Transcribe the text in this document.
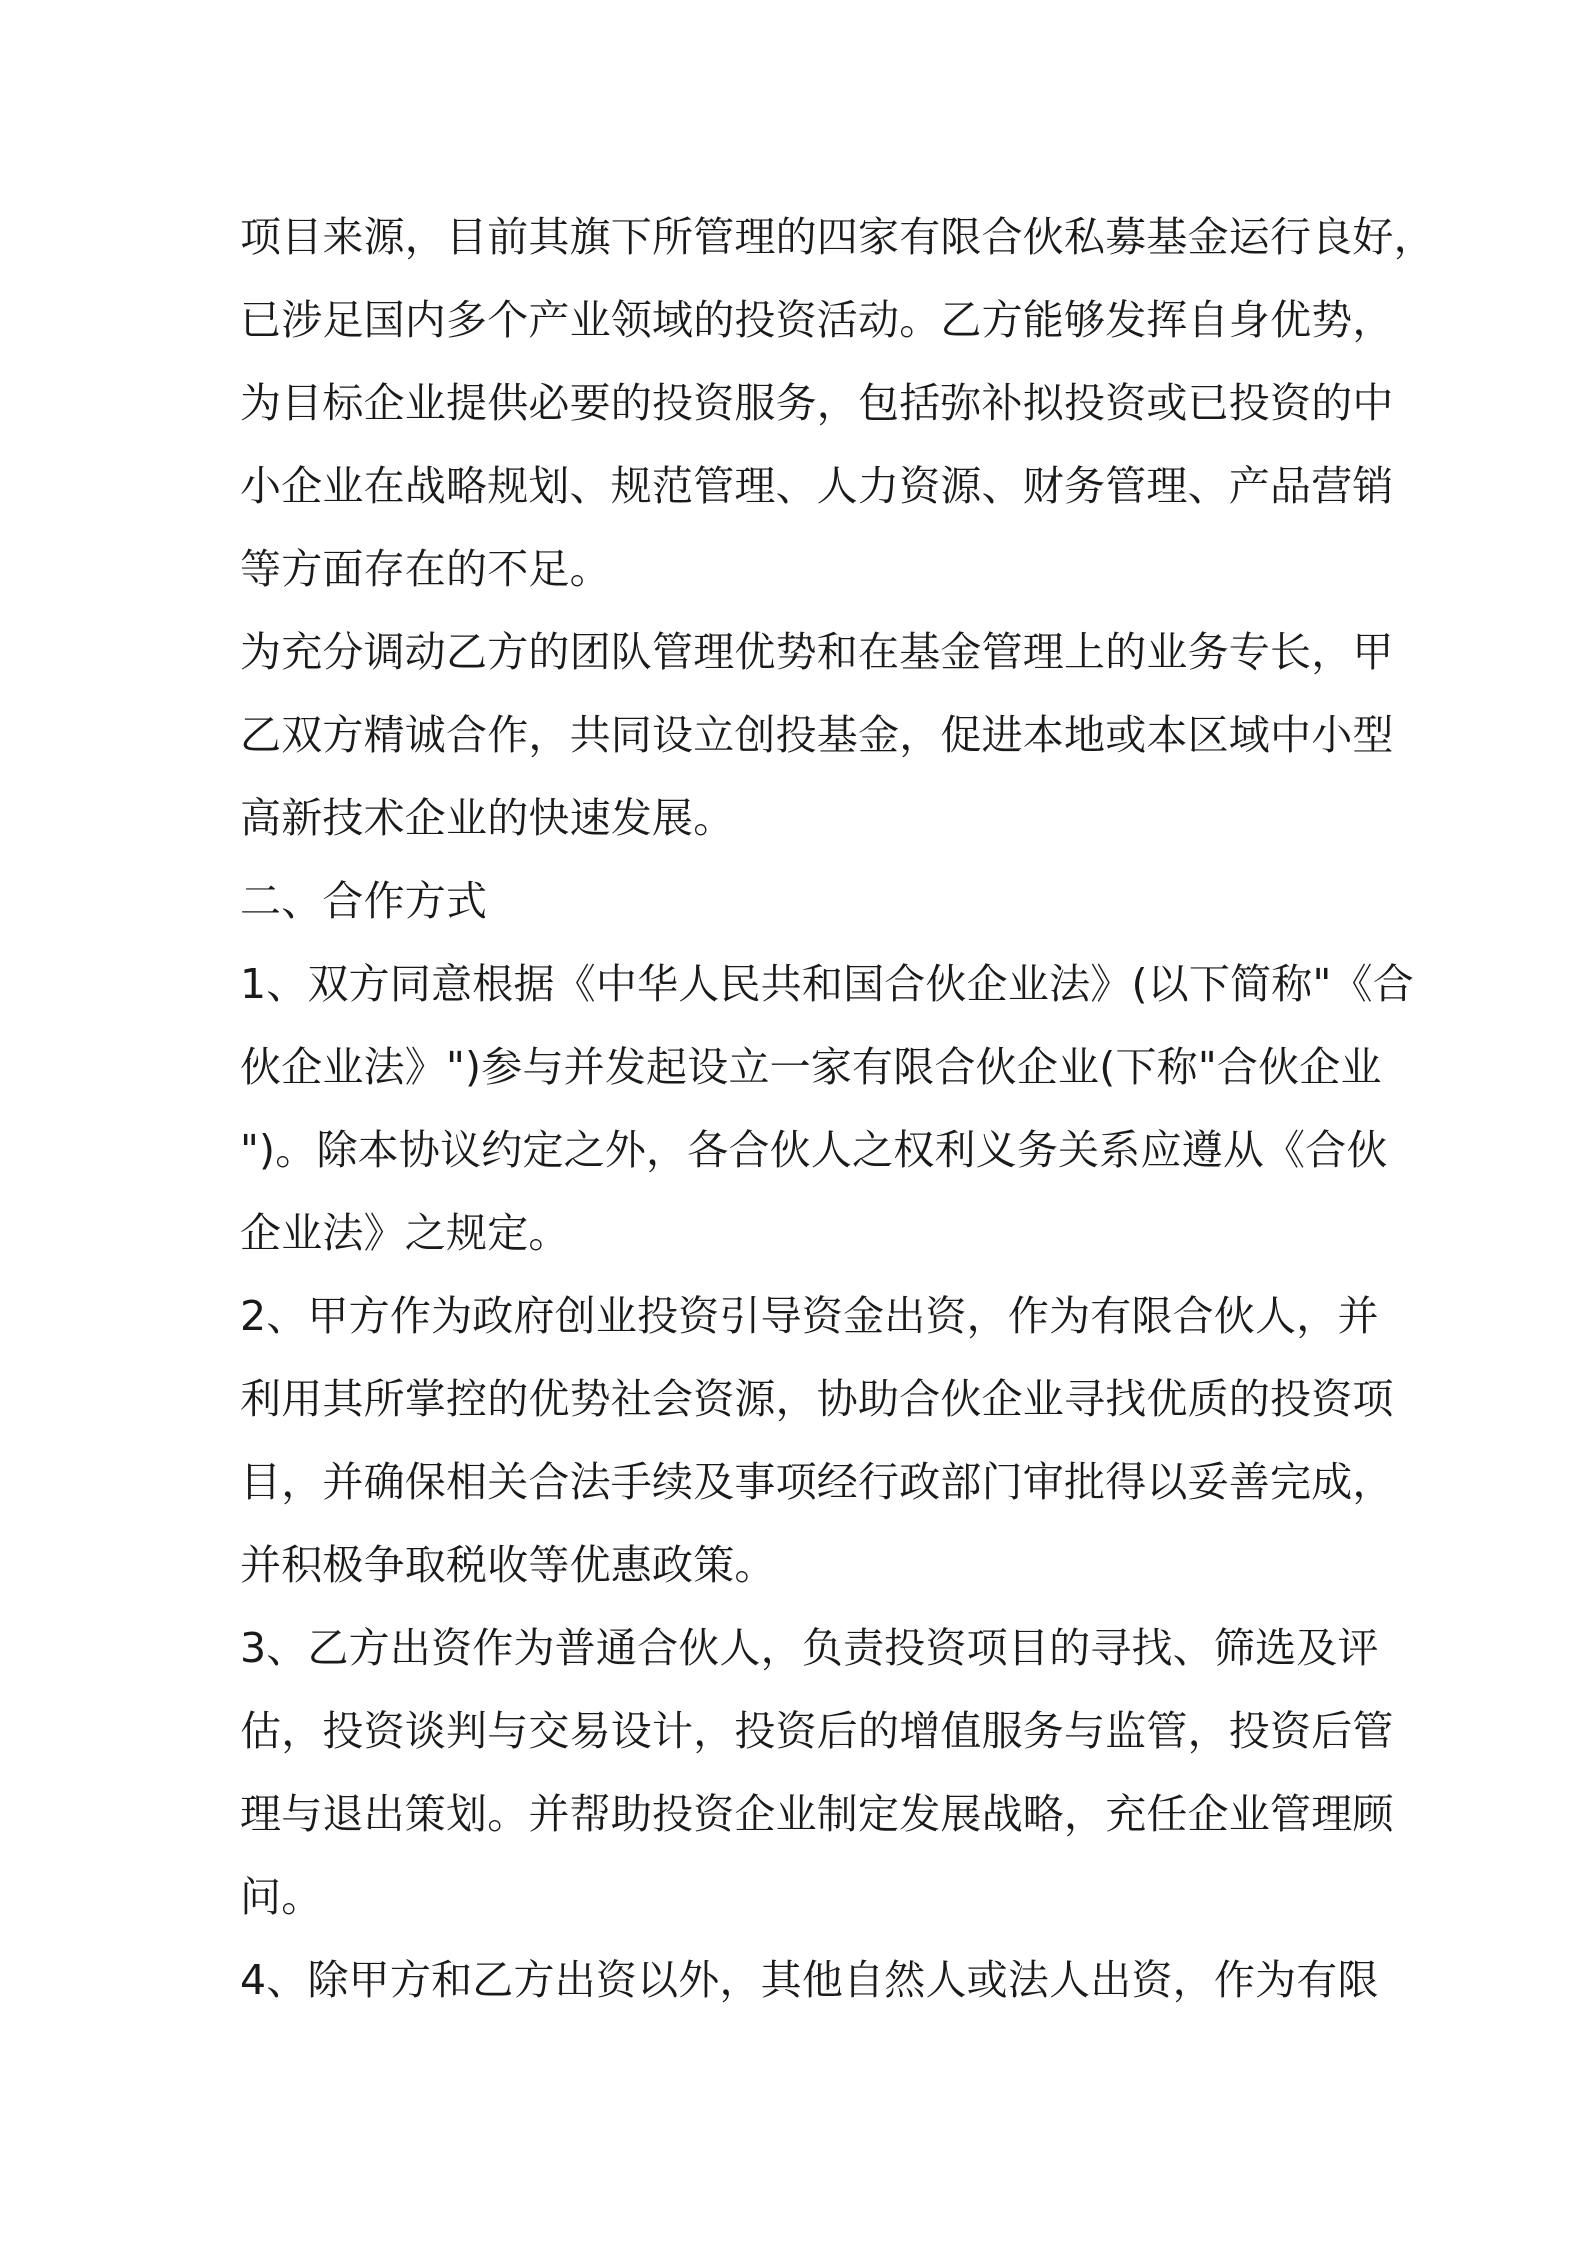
项目来源，目前其旗下所管理的四家有限合伙私募基金运行良好，
已涉足国内多个产业领域的投资活动。乙方能够发挥自身优势，
为目标企业提供必要的投资服务，包括弥补拟投资或已投资的中
小企业在战略规划、规范管理、人力资源、财务管理、产品营销
等方面存在的不足。
为充分调动乙方的团队管理优势和在基金管理上的业务专长，甲
乙双方精诚合作，共同设立创投基金，促进本地或本区域中小型
高新技术企业的快速发展。
二、合作方式
1、双方同意根据《中华人民共和国合伙企业法》(以下简称"《合
伙企业法》")参与并发起设立一家有限合伙企业(下称"合伙企业
")。除本协议约定之外，各合伙人之权利义务关系应遵从《合伙
企业法》之规定。
2、甲方作为政府创业投资引导资金出资，作为有限合伙人，并
利用其所掌控的优势社会资源，协助合伙企业寻找优质的投资项
目，并确保相关合法手续及事项经行政部门审批得以妥善完成，
并积极争取税收等优惠政策。
3、乙方出资作为普通合伙人，负责投资项目的寻找、筛选及评
估，投资谈判与交易设计，投资后的增值服务与监管，投资后管
理与退出策划。并帮助投资企业制定发展战略，充任企业管理顾
问。
4、除甲方和乙方出资以外，其他自然人或法人出资，作为有限
